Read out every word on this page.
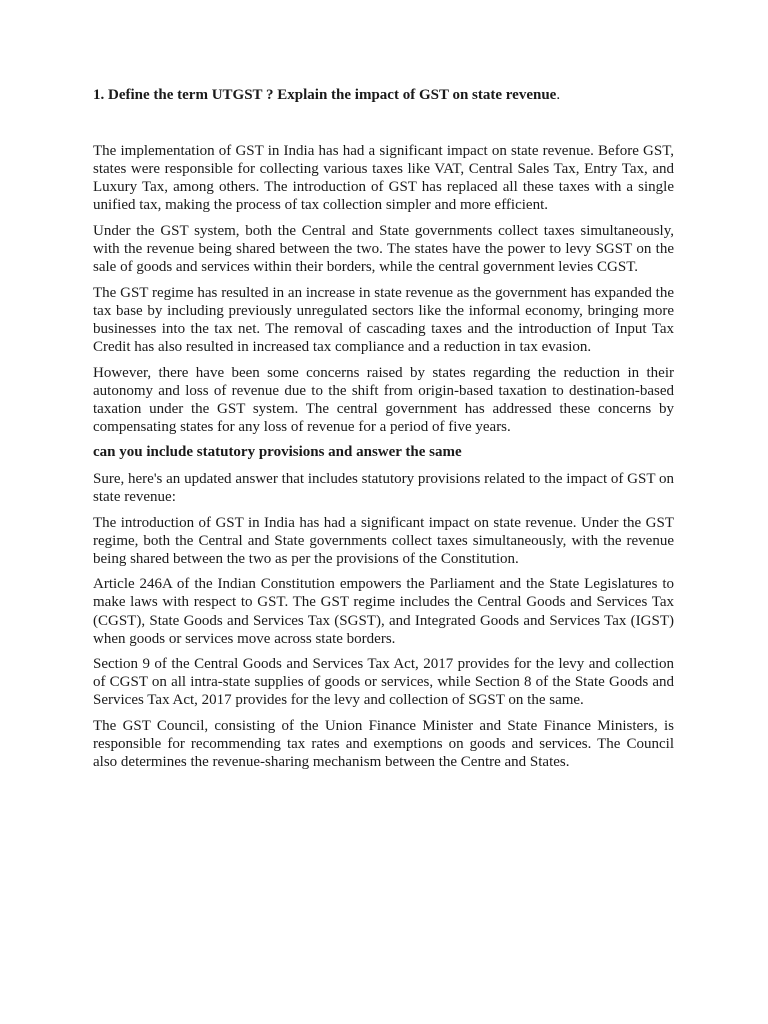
1. Define the term UTGST ? Explain the impact of GST on state revenue.

The implementation of GST in India has had a significant impact on state revenue. Before GST, states were responsible for collecting various taxes like VAT, Central Sales Tax, Entry Tax, and Luxury Tax, among others. The introduction of GST has replaced all these taxes with a single unified tax, making the process of tax collection simpler and more efficient.

Under the GST system, both the Central and State governments collect taxes simultaneously, with the revenue being shared between the two. The states have the power to levy SGST on the sale of goods and services within their borders, while the central government levies CGST.

The GST regime has resulted in an increase in state revenue as the government has expanded the tax base by including previously unregulated sectors like the informal economy, bringing more businesses into the tax net. The removal of cascading taxes and the introduction of Input Tax Credit has also resulted in increased tax compliance and a reduction in tax evasion.

However, there have been some concerns raised by states regarding the reduction in their autonomy and loss of revenue due to the shift from origin-based taxation to destination-based taxation under the GST system. The central government has addressed these concerns by compensating states for any loss of revenue for a period of five years.

can you include statutory provisions and answer the same

Sure, here's an updated answer that includes statutory provisions related to the impact of GST on state revenue:

The introduction of GST in India has had a significant impact on state revenue. Under the GST regime, both the Central and State governments collect taxes simultaneously, with the revenue being shared between the two as per the provisions of the Constitution.

Article 246A of the Indian Constitution empowers the Parliament and the State Legislatures to make laws with respect to GST. The GST regime includes the Central Goods and Services Tax (CGST), State Goods and Services Tax (SGST), and Integrated Goods and Services Tax (IGST) when goods or services move across state borders.

Section 9 of the Central Goods and Services Tax Act, 2017 provides for the levy and collection of CGST on all intra-state supplies of goods or services, while Section 8 of the State Goods and Services Tax Act, 2017 provides for the levy and collection of SGST on the same.

The GST Council, consisting of the Union Finance Minister and State Finance Ministers, is responsible for recommending tax rates and exemptions on goods and services. The Council also determines the revenue-sharing mechanism between the Centre and States.
